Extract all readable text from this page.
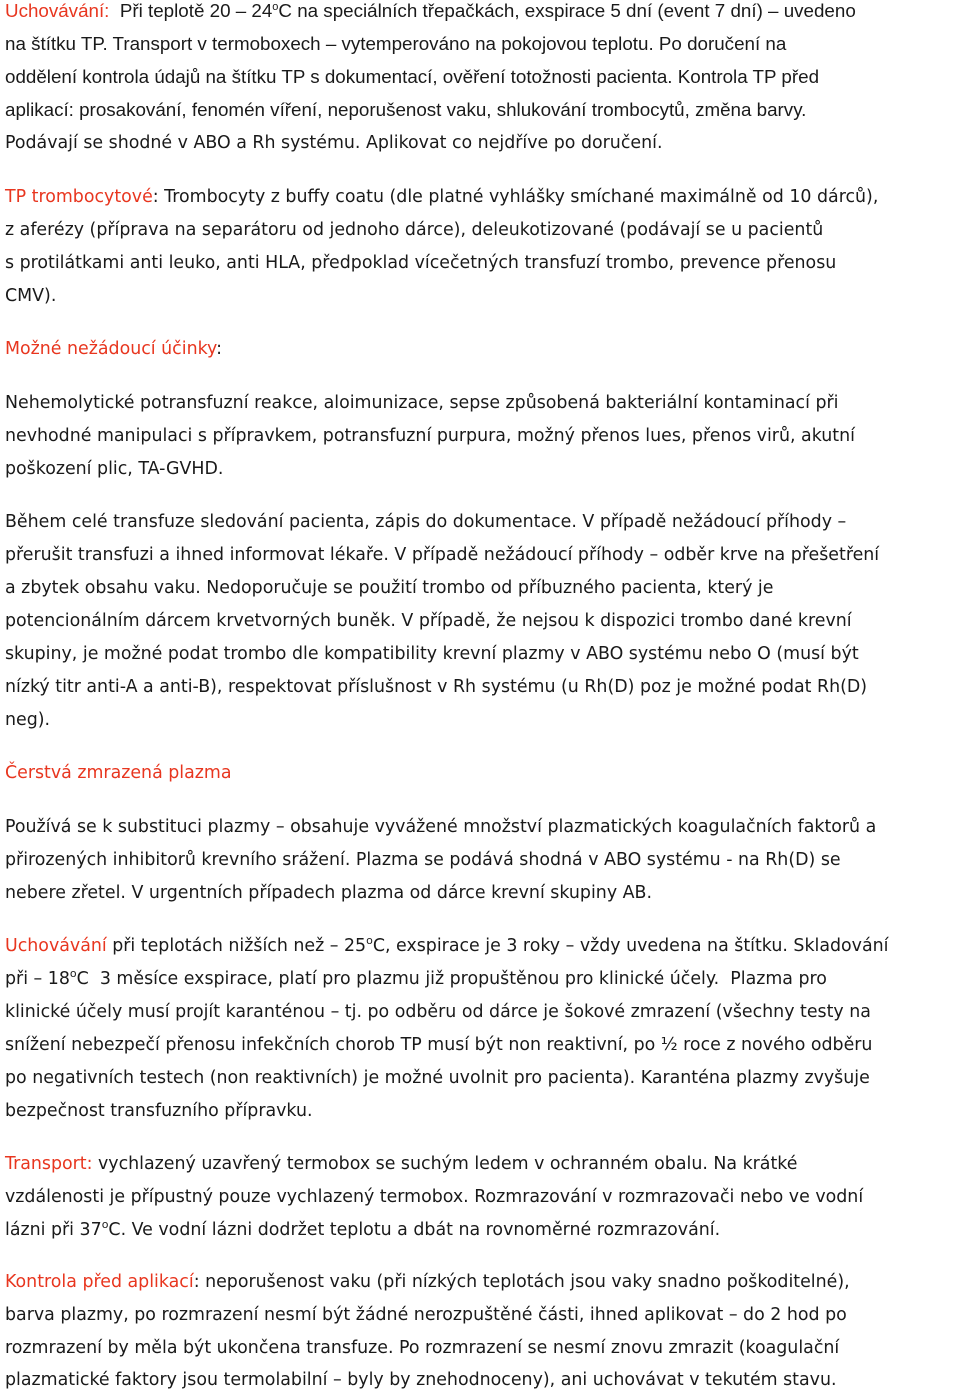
Uchovávání:  Při teplotě 20 – 24$^o$C na speciálních třepačkách, exspirace 5 dní (event 7 dní) – uvedeno
na štítku TP. Transport v termoboxech – vytemperováno na pokojovou teplotu. Po doručení na
oddělení kontrola údajů na štítku TP s dokumentací, ověření totožnosti pacienta. Kontrola TP před
aplikací: prosakování, fenomén víření, neporušenost vaku, shlukování trombocytů, změna barvy.
Podávají se shodné v ABO a Rh systému. Aplikovat co nejdříve po doručení.
TP trombocytové: Trombocyty z buffy coatu (dle platné vyhlášky smíchané maximálně od 10 dárců),
z aferézy (příprava na separátoru od jednoho dárce), deleukotizované (podávají se u pacientů
s protilátkami anti leuko, anti HLA, předpoklad vícečetných transfuzí trombo, prevence přenosu
CMV).
Možné nežádoucí účinky:
Nehemolytické potransfuzní reakce, aloimunizace, sepse způsobená bakteriální kontaminací při
nevhodné manipulaci s přípravkem, potransfuzní purpura, možný přenos lues, přenos virů, akutní
poškození plic, TA-GVHD.
Během celé transfuze sledování pacienta, zápis do dokumentace. V případě nežádoucí příhody –
přerušit transfuzi a ihned informovat lékaře. V případě nežádoucí příhody – odběr krve na přešetření
a zbytek obsahu vaku. Nedoporučuje se použití trombo od příbuzného pacienta, který je
potencionálním dárcem krvetvorných buněk. V případě, že nejsou k dispozici trombo dané krevní
skupiny, je možné podat trombo dle kompatibility krevní plazmy v ABO systému nebo O (musí být
nízký titr anti-A a anti-B), respektovat příslušnost v Rh systému (u Rh(D) poz je možné podat Rh(D)
neg).
Čerstvá zmrazená plazma
Používá se k substituci plazmy – obsahuje vyvážené množství plazmatických koagulačních faktorů a
přirozených inhibitorů krevního srážení. Plazma se podává shodná v ABO systému - na Rh(D) se
nebere zřetel. V urgentních případech plazma od dárce krevní skupiny AB.
Uchovávání při teplotách nižších než – 25$^o$C, exspirace je 3 roky – vždy uvedena na štítku. Skladování
při – 18$^o$C  3 měsíce exspirace, platí pro plazmu již propuštěnou pro klinické účely.  Plazma pro
klinické účely musí projít karanténou – tj. po odběru od dárce je šokové zmrazení (všechny testy na
snížení nebezpečí přenosu infekčních chorob TP musí být non reaktivní, po ½ roce z nového odběru
po negativních testech (non reaktivních) je možné uvolnit pro pacienta). Karanténa plazmy zvyšuje
bezpečnost transfuzního přípravku.
Transport: vychlazený uzavřený termobox se suchým ledem v ochranném obalu. Na krátké
vzdálenosti je přípustný pouze vychlazený termobox. Rozmrazování v rozmrazovači nebo ve vodní
lázni při 37$^o$C. Ve vodní lázni dodržet teplotu a dbát na rovnoměrné rozmrazování.
Kontrola před aplikací: neporušenost vaku (při nízkých teplotách jsou vaky snadno poškoditelné),
barva plazmy, po rozmrazení nesmí být žádné nerozpuštěné části, ihned aplikovat – do 2 hod po
rozmrazení by měla být ukončena transfuze. Po rozmrazení se nesmí znovu zmrazit (koagulační
plazmatické faktory jsou termolabilní – byly by znehodnoceny), ani uchovávat v tekutém stavu.
